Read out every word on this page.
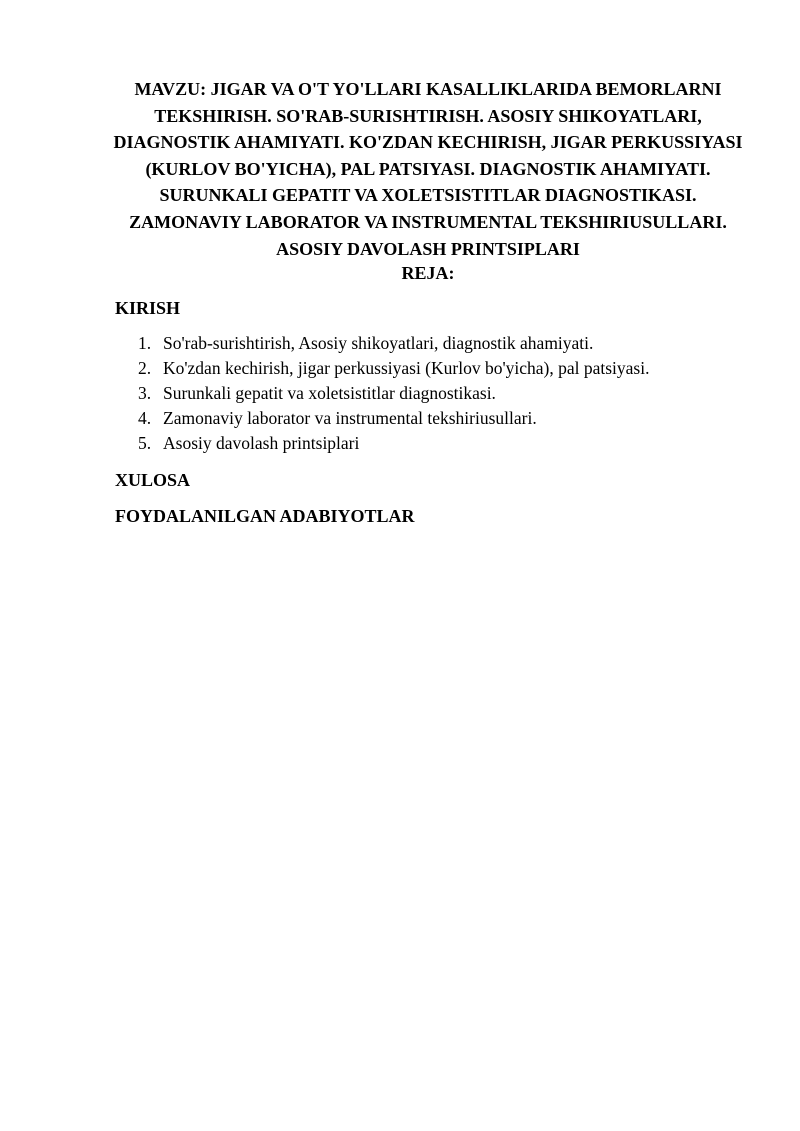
MAVZU: JIGAR VA O'T YO'LLARI KASALLIKLARIDA BEMORLARNI TEKSHIRISH. SO'RAB-SURISHTIRISH. ASOSIY SHIKOYATLARI, DIAGNOSTIK AHAMIYATI. KO'ZDAN KECHIRISH, JIGAR PERKUSSIYASI (KURLOV BO'YICHA), PAL PATSIYASI. DIAGNOSTIK AHAMIYATI. SURUNKALI GEPATIT VA XOLETSISTITLAR DIAGNOSTIKASI. ZAMONAVIY LABORATOR VA INSTRUMENTAL TEKSHIRIUSULLARI. ASOSIY DAVOLASH PRINTSIPLARI
REJA:
KIRISH
1. So'rab-surishtirish, Asosiy shikoyatlari, diagnostik ahamiyati.
2. Ko'zdan kechirish, jigar perkussiyasi (Kurlov bo'yicha), pal patsiyasi.
3. Surunkali gepatit va xoletsistitlar diagnostikasi.
4. Zamonaviy laborator va instrumental tekshiriusullari.
5. Asosiy davolash printsiplari
XULOSA
FOYDALANILGAN ADABIYOTLAR
